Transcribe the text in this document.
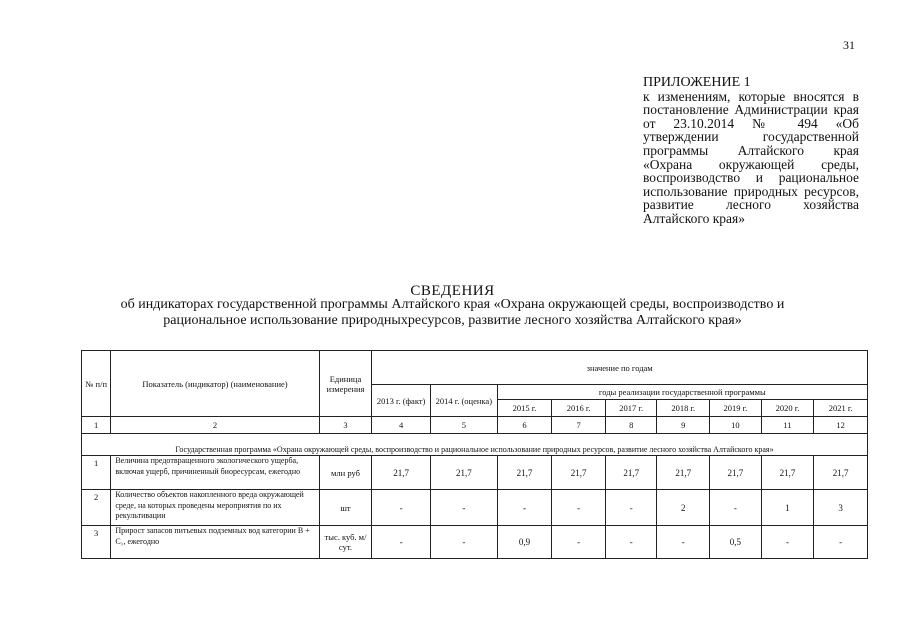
31
ПРИЛОЖЕНИЕ 1
к изменениям, которые вносятся в постановление Администрации края от 23.10.2014 № 494 «Об утверждении государственной программы Алтайского края «Охрана окружающей среды, воспроизводство и рациональное использование природных ресурсов, развитие лесного хозяйства Алтайского края»
СВЕДЕНИЯ
об индикаторах государственной программы Алтайского края «Охрана окружающей среды, воспроизводство и
рациональное использование природныхресурсов, развитие лесного хозяйства Алтайского края»
№ п/п	Показатель (индикатор) (наименование)	Единица измерения	значение по годам								
			2013 г. (факт)	2014 г. (оценка)	годы реализации государственной программы						
					2015 г.	2016 г.	2017 г.	2018 г.	2019 г.	2020 г.	2021 г.
1	2	3	4	5	6	7	8	9	10	11	12
Государственная программа «Охрана окружающей среды, воспроизводство и рациональное использование природных ресурсов, развитие лесного хозяйства Алтайского края»											
1	Величина предотвращенного экологического ущерба, включая ущерб, причиненный биоресурсам, ежегодно	млн руб	21,7	21,7	21,7	21,7	21,7	21,7	21,7	21,7	21,7
2	Количество объектов накопленного вреда окружающей среде, на которых проведены мероприятия по их рекультивации	шт	-	-	-	-	-	2	-	1	3
3	Прирост запасов питьевых подземных вод категории B + C₁, ежегодно	тыс. куб. м/сут.	-	-	0,9	-	-	-	0,5	-	-
